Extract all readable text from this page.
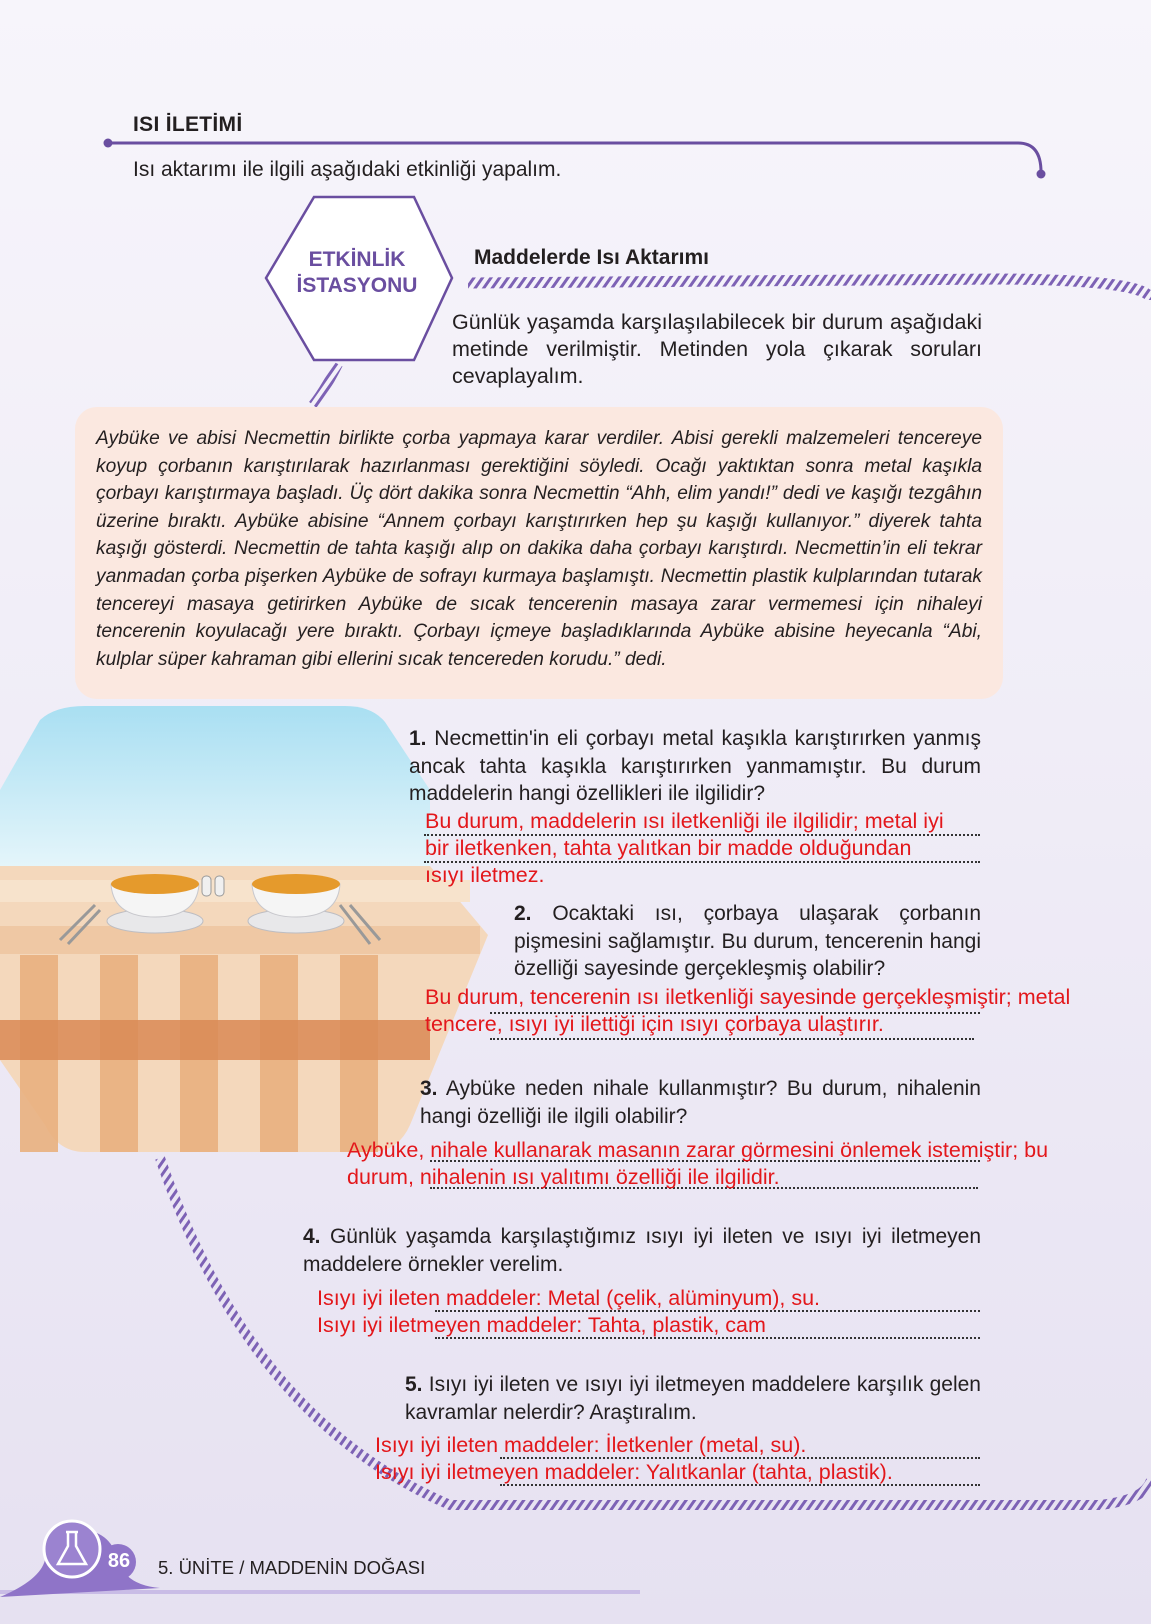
ISI İLETİMİ
Isı aktarımı ile ilgili aşağıdaki etkinliği yapalım.
ETKİNLİK
İSTASYONU
Maddelerde Isı Aktarımı
Günlük yaşamda karşılaşılabilecek bir durum aşağıdaki metinde verilmiştir. Metinden yola çıkarak soruları cevaplayalım.
Aybüke ve abisi Necmettin birlikte çorba yapmaya karar verdiler. Abisi gerekli malzemeleri tencereye koyup çorbanın karıştırılarak hazırlanması gerektiğini söyledi. Ocağı yaktıktan sonra metal kaşıkla çorbayı karıştırmaya başladı. Üç dört dakika sonra Necmettin “Ahh, elim yandı!” dedi ve kaşığı tezgâhın üzerine bıraktı. Aybüke abisine “Annem çorbayı karıştırırken hep şu kaşığı kullanıyor.” diyerek tahta kaşığı gösterdi. Necmettin de tahta kaşığı alıp on dakika daha çorbayı karıştırdı. Necmettin’in eli tekrar yanmadan çorba pişerken Aybüke de sofrayı kurmaya başlamıştı. Necmettin plastik kulplarından tutarak tencereyi masaya getirirken Aybüke de sıcak tencerenin masaya zarar vermemesi için nihaleyi tencerenin koyulacağı yere bıraktı. Çorbayı içmeye başladıklarında Aybüke abisine heyecanla “Abi, kulplar süper kahraman gibi ellerini sıcak tencereden korudu.” dedi.
1. Necmettin'in eli çorbayı metal kaşıkla karıştırırken yanmış ancak tahta kaşıkla karıştırırken yanmamıştır. Bu durum maddelerin hangi özellikleri ile ilgilidir?
Bu durum, maddelerin ısı iletkenliği ile ilgilidir; metal iyi
bir iletkenken, tahta yalıtkan bir madde olduğundan
ısıyı iletmez.
2. Ocaktaki ısı, çorbaya ulaşarak çorbanın pişmesini sağlamıştır. Bu durum, tencerenin hangi özelliği sayesinde gerçekleşmiş olabilir?
Bu durum, tencerenin ısı iletkenliği sayesinde gerçekleşmiştir; metal
tencere, ısıyı iyi ilettiği için ısıyı çorbaya ulaştırır.
3. Aybüke neden nihale kullanmıştır? Bu durum, nihalenin hangi özelliği ile ilgili olabilir?
Aybüke, nihale kullanarak masanın zarar görmesini önlemek istemiştir; bu
durum, nihalenin ısı yalıtımı özelliği ile ilgilidir.
4. Günlük yaşamda karşılaştığımız ısıyı iyi ileten ve ısıyı iyi iletmeyen maddelere örnekler verelim.
Isıyı iyi ileten maddeler: Metal (çelik, alüminyum), su.
Isıyı iyi iletmeyen maddeler: Tahta, plastik, cam
5. Isıyı iyi ileten ve ısıyı iyi iletmeyen maddelere karşılık gelen kavramlar nelerdir? Araştıralım.
Isıyı iyi ileten maddeler: İletkenler (metal, su).
Isıyı iyi iletmeyen maddeler: Yalıtkanlar (tahta, plastik).
86 5. ÜNİTE / MADDENİN DOĞASI
